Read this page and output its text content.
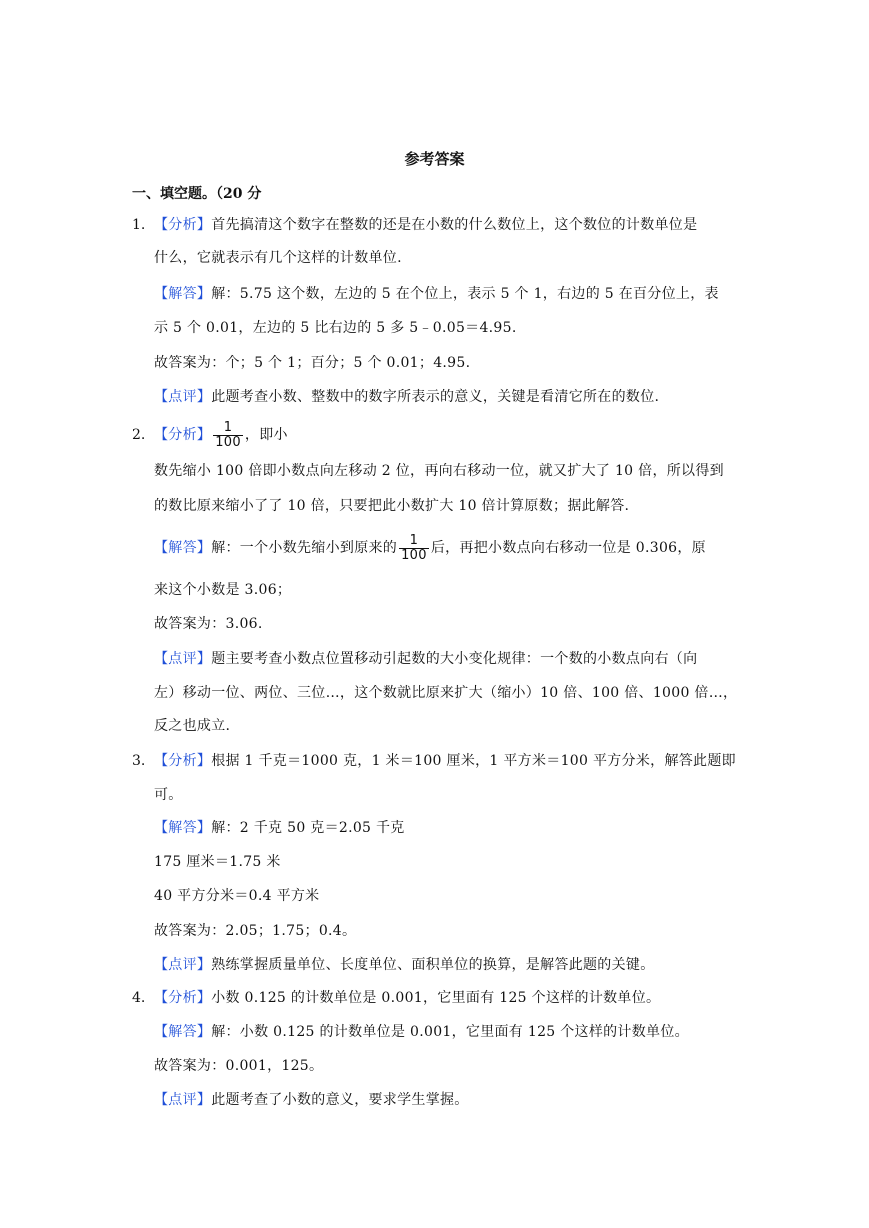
参考答案
一、填空题。（20 分
1. 【分析】首先搞清这个数字在整数的还是在小数的什么数位上，这个数位的计数单位是
什么，它就表示有几个这样的计数单位.
【解答】解：5.75 这个数，左边的 5 在个位上，表示 5 个 1，右边的 5 在百分位上，表
示 5 个 0.01，左边的 5 比右边的 5 多 5﹣0.05＝4.95.
故答案为：个；5 个 1；百分；5 个 0.01；4.95.
【点评】此题考查小数、整数中的数字所表示的意义，关键是看清它所在的数位.
2. 【分析】 $\frac{1}{100}$ ，即小
数先缩小 100 倍即小数点向左移动 2 位，再向右移动一位，就又扩大了 10 倍，所以得到
的数比原来缩小了了 10 倍，只要把此小数扩大 10 倍计算原数；据此解答.
【解答】解：一个小数先缩小到原来的 $\frac{1}{100}$ 后，再把小数点向右移动一位是 0.306，原
来这个小数是 3.06；
故答案为：3.06.
【点评】题主要考查小数点位置移动引起数的大小变化规律：一个数的小数点向右（向
左）移动一位、两位、三位…，这个数就比原来扩大（缩小）10 倍、100 倍、1000 倍…，
反之也成立.
3. 【分析】根据 1 千克＝1000 克，1 米＝100 厘米，1 平方米＝100 平方分米，解答此题即
可。
【解答】解：2 千克 50 克＝2.05 千克
175 厘米＝1.75 米
40 平方分米＝0.4 平方米
故答案为：2.05；1.75；0.4。
【点评】熟练掌握质量单位、长度单位、面积单位的换算，是解答此题的关键。
4. 【分析】小数 0.125 的计数单位是 0.001，它里面有 125 个这样的计数单位。
【解答】解：小数 0.125 的计数单位是 0.001，它里面有 125 个这样的计数单位。
故答案为：0.001，125。
【点评】此题考查了小数的意义，要求学生掌握。
